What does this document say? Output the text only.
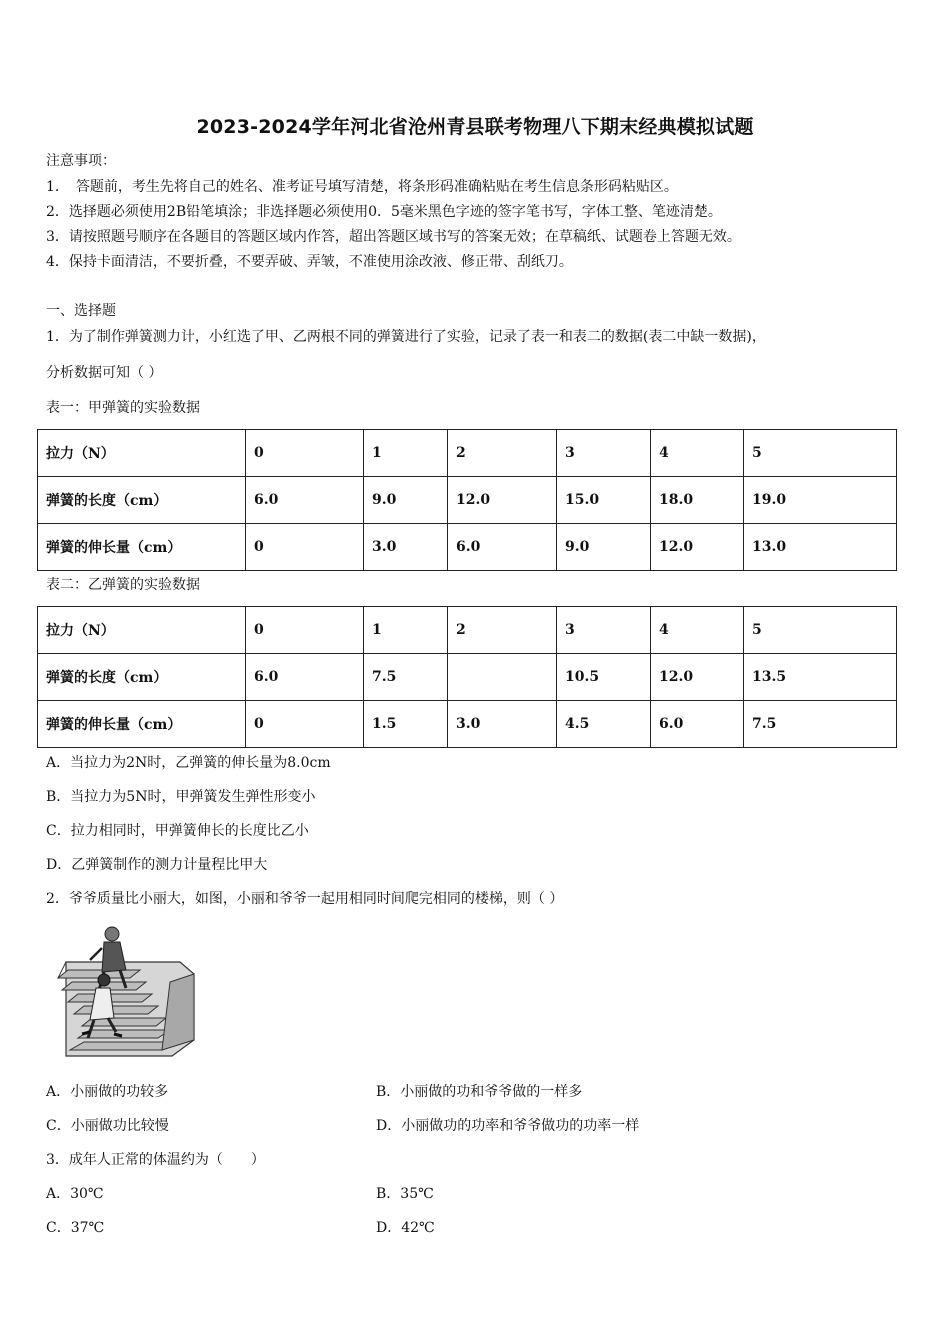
2023-2024学年河北省沧州青县联考物理八下期末经典模拟试题
注意事项：
1．　答题前，考生先将自己的姓名、准考证号填写清楚，将条形码准确粘贴在考生信息条形码粘贴区。
2．选择题必须使用2B铅笔填涂；非选择题必须使用0．5毫米黑色字迹的签字笔书写，字体工整、笔迹清楚。
3．请按照题号顺序在各题目的答题区域内作答，超出答题区域书写的答案无效；在草稿纸、试题卷上答题无效。
4．保持卡面清洁，不要折叠，不要弄破、弄皱，不准使用涂改液、修正带、刮纸刀。
一、选择题
1．为了制作弹簧测力计，小红选了甲、乙两根不同的弹簧进行了实验，记录了表一和表二的数据(表二中缺一数据)，
分析数据可知（ ）
表一：甲弹簧的实验数据
拉力（N）	0	1	2	3	4	5
弹簧的长度（cm）	6.0	9.0	12.0	15.0	18.0	19.0
弹簧的伸长量（cm）	0	3.0	6.0	9.0	12.0	13.0
表二：乙弹簧的实验数据
拉力（N）	0	1	2	3	4	5
弹簧的长度（cm）	6.0	7.5		10.5	12.0	13.5
弹簧的伸长量（cm）	0	1.5	3.0	4.5	6.0	7.5
A．当拉力为2N时，乙弹簧的伸长量为8.0cm
B．当拉力为5N时，甲弹簧发生弹性形变小
C．拉力相同时，甲弹簧伸长的长度比乙小
D．乙弹簧制作的测力计量程比甲大
2．爷爷质量比小丽大，如图，小丽和爷爷一起用相同时间爬完相同的楼梯，则（ ）
A．小丽做的功较多	B．小丽做的功和爷爷做的一样多
C．小丽做功比较慢	D．小丽做功的功率和爷爷做功的功率一样
3．成年人正常的体温约为（　　）
A．30℃	B．35℃
C．37℃	D．42℃
